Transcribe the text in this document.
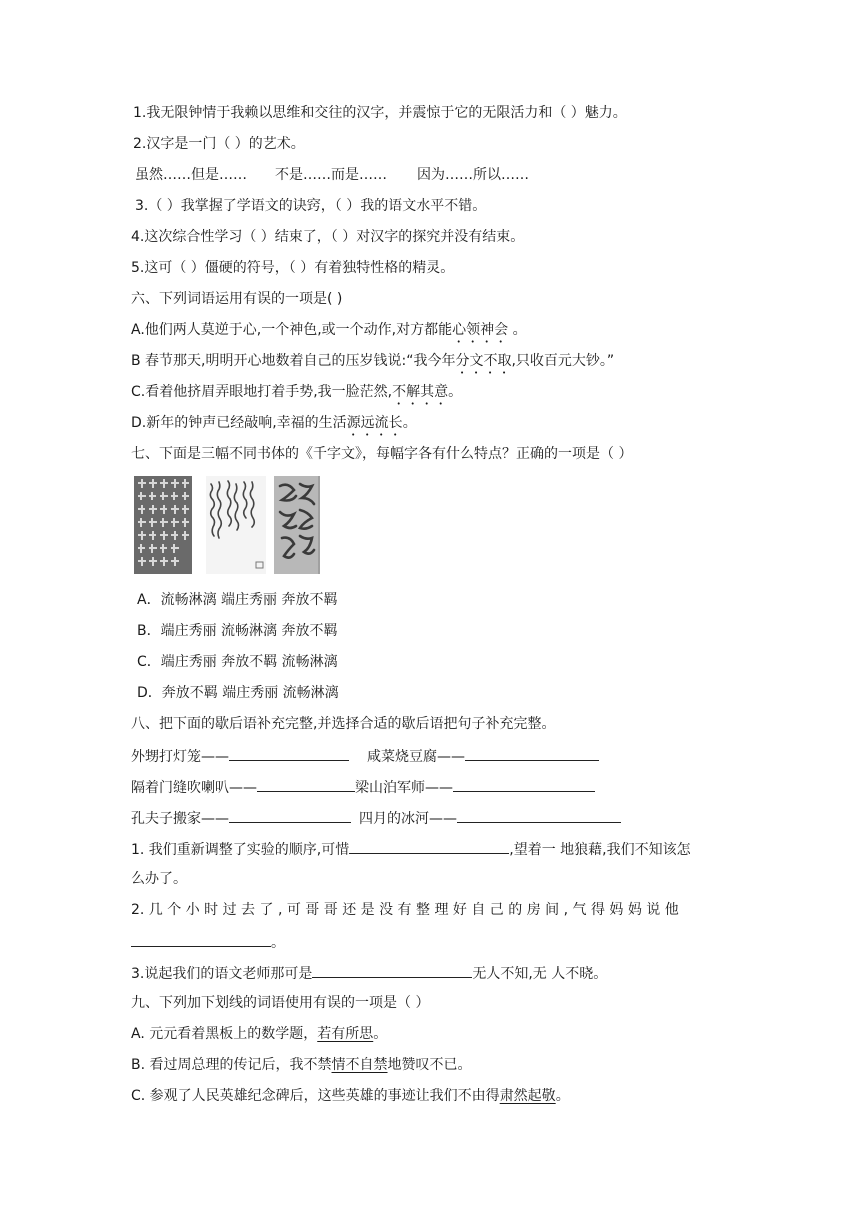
1.我无限钟情于我赖以思维和交往的汉字，并震惊于它的无限活力和（ ）魅力。
2.汉字是一门（ ）的艺术。
虽然……但是…… 不是……而是…… 因为……所以……
3.（ ）我掌握了学语文的诀窍，（ ）我的语文水平不错。
4.这次综合性学习（ ）结束了，（ ）对汉字的探究并没有结束。
5.这可（ ）僵硬的符号，（ ）有着独特性格的精灵。
六、下列词语运用有误的一项是( )
A.他们两人莫逆于心,一个神色,或一个动作,对方都能心领神会 。
B 春节那天,明明开心地数着自己的压岁钱说:“我今年分文不取,只收百元大钞。”
C.看着他挤眉弄眼地打着手势,我一脸茫然,不解其意。
D.新年的钟声已经敲响,幸福的生活源远流长。
七、下面是三幅不同书体的《千字文》，每幅字各有什么特点？正确的一项是（ ）
A．流畅淋漓 端庄秀丽 奔放不羁
B．端庄秀丽 流畅淋漓 奔放不羁
C．端庄秀丽 奔放不羁 流畅淋漓
D．奔放不羁 端庄秀丽 流畅淋漓
八、把下面的歇后语补充完整,并选择合适的歇后语把句子补充完整。
外甥打灯笼——	咸菜烧豆腐——
隔着门缝吹喇叭——	梁山泊军师——
孔夫子搬家——	四月的冰河——
1. 我们重新调整了实验的顺序,可惜	,望着一 地狼藉,我们不知该怎
么办了。
2. 几 个 小 时 过 去 了 , 可 哥 哥 还 是 没 有 整 理 好 自 己 的 房 间 , 气 得 妈 妈 说 他
。
3.说起我们的语文老师那可是	无人不知,无 人不晓。
九、下列加下划线的词语使用有误的一项是（ ）
A. 元元看着黑板上的数学题，若有所思。
B. 看过周总理的传记后，我不禁情不自禁地赞叹不已。
C. 参观了人民英雄纪念碑后，这些英雄的事迹让我们不由得肃然起敬。
